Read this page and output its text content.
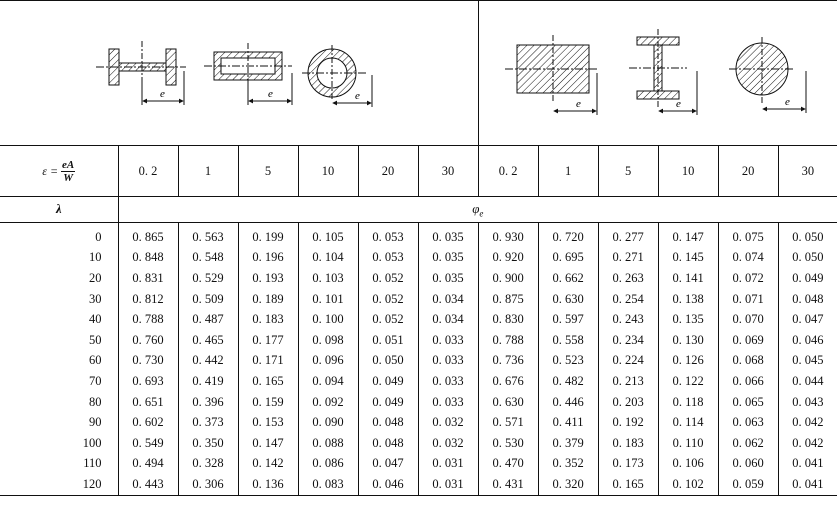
e e e							e e e					

$\varepsilon = \frac{eA}{W}$	0. 2	1	5	10	20	30	0. 2	1	5	10	20	30
λ	$\varphi_e$
0	0. 865	0. 563	0. 199	0. 105	0. 053	0. 035	0. 930	0. 720	0. 277	0. 147	0. 075	0. 050
10	0. 848	0. 548	0. 196	0. 104	0. 053	0. 035	0. 920	0. 695	0. 271	0. 145	0. 074	0. 050
20	0. 831	0. 529	0. 193	0. 103	0. 052	0. 035	0. 900	0. 662	0. 263	0. 141	0. 072	0. 049
30	0. 812	0. 509	0. 189	0. 101	0. 052	0. 034	0. 875	0. 630	0. 254	0. 138	0. 071	0. 048
40	0. 788	0. 487	0. 183	0. 100	0. 052	0. 034	0. 830	0. 597	0. 243	0. 135	0. 070	0. 047
50	0. 760	0. 465	0. 177	0. 098	0. 051	0. 033	0. 788	0. 558	0. 234	0. 130	0. 069	0. 046
60	0. 730	0. 442	0. 171	0. 096	0. 050	0. 033	0. 736	0. 523	0. 224	0. 126	0. 068	0. 045
70	0. 693	0. 419	0. 165	0. 094	0. 049	0. 033	0. 676	0. 482	0. 213	0. 122	0. 066	0. 044
80	0. 651	0. 396	0. 159	0. 092	0. 049	0. 033	0. 630	0. 446	0. 203	0. 118	0. 065	0. 043
90	0. 602	0. 373	0. 153	0. 090	0. 048	0. 032	0. 571	0. 411	0. 192	0. 114	0. 063	0. 042
100	0. 549	0. 350	0. 147	0. 088	0. 048	0. 032	0. 530	0. 379	0. 183	0. 110	0. 062	0. 042
110	0. 494	0. 328	0. 142	0. 086	0. 047	0. 031	0. 470	0. 352	0. 173	0. 106	0. 060	0. 041
120	0. 443	0. 306	0. 136	0. 083	0. 046	0. 031	0. 431	0. 320	0. 165	0. 102	0. 059	0. 041
